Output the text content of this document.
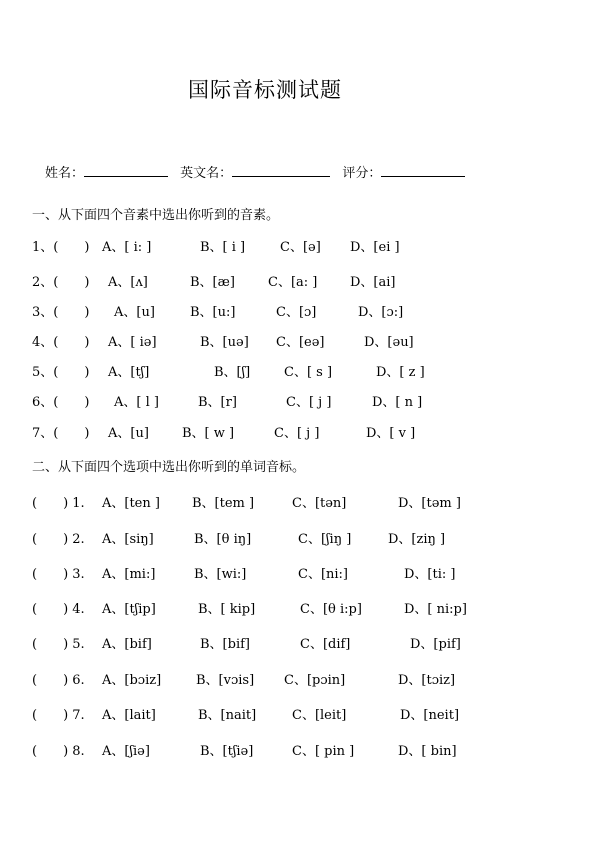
国际音标测试题
姓名：	英文名：	评分：
一、从下面四个音素中选出你听到的音素。
1、(　　) A、[ i: ]	B、[ i ]	C、[ə] D、[ei ]
2、(　　) A、[ʌ]	B、[æ]	C、[a: ]	D、[ai]
3、(　　) A、[u]	B、[u:]	C、[ɔ]	D、[ɔ:]
4、(　　) A、[ iə]	B、[uə] C、[eə]	D、[əu]
5、(　　) A、[tʃ]	B、[ʃ]	C、[ s ]	D、[ z ]
6、(　　) A、[ l ]	B、[r]	C、[ j ]	D、[ n ]
7、(　　) A、[u]	B、[ w ]	C、[ j ]	D、[ v ]
二、从下面四个选项中选出你听到的单词音标。
(　　) 1. A、[ten ] B、[tem ]	C、[tən]	D、[təm ]
(　　) 2. A、[siŋ]	B、[θ iŋ]	C、[ʃiŋ ]	D、[ziŋ ]
(　　) 3. A、[mi:]	B、[wi:]	C、[ni:]	D、[ti: ]
(　　) 4. A、[tʃip]	B、[ kip]	C、[θ i:p]	D、[ ni:p]
(　　) 5. A、[bif]	B、[bif]	C、[dif]	D、[pif]
(　　) 6. A、[bɔiz]	B、[vɔis] C、[pɔin]	D、[tɔiz]
(　　) 7. A、[lait]	B、[nait]	C、[leit]	D、[neit]
(　　) 8. A、[ʃiə]	B、[tʃiə]	C、[ pin ]	D、[ bin]
